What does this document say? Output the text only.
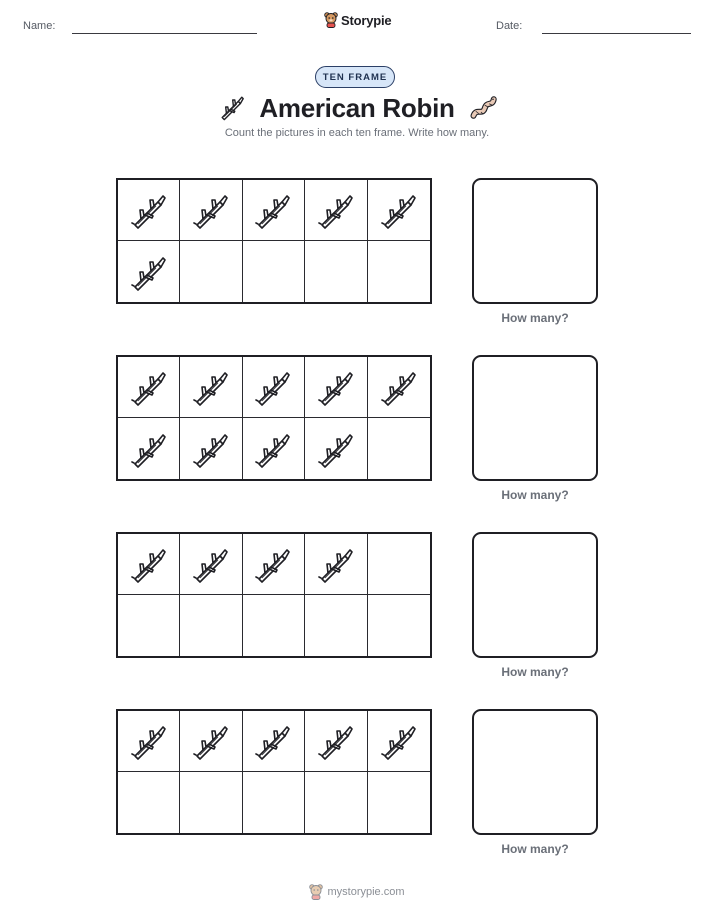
Name:	Storypie	Date:
TEN FRAME
American Robin
Count the pictures in each ten frame. Write how many.
How many?
How many?
How many?
How many?
mystorypie.com
